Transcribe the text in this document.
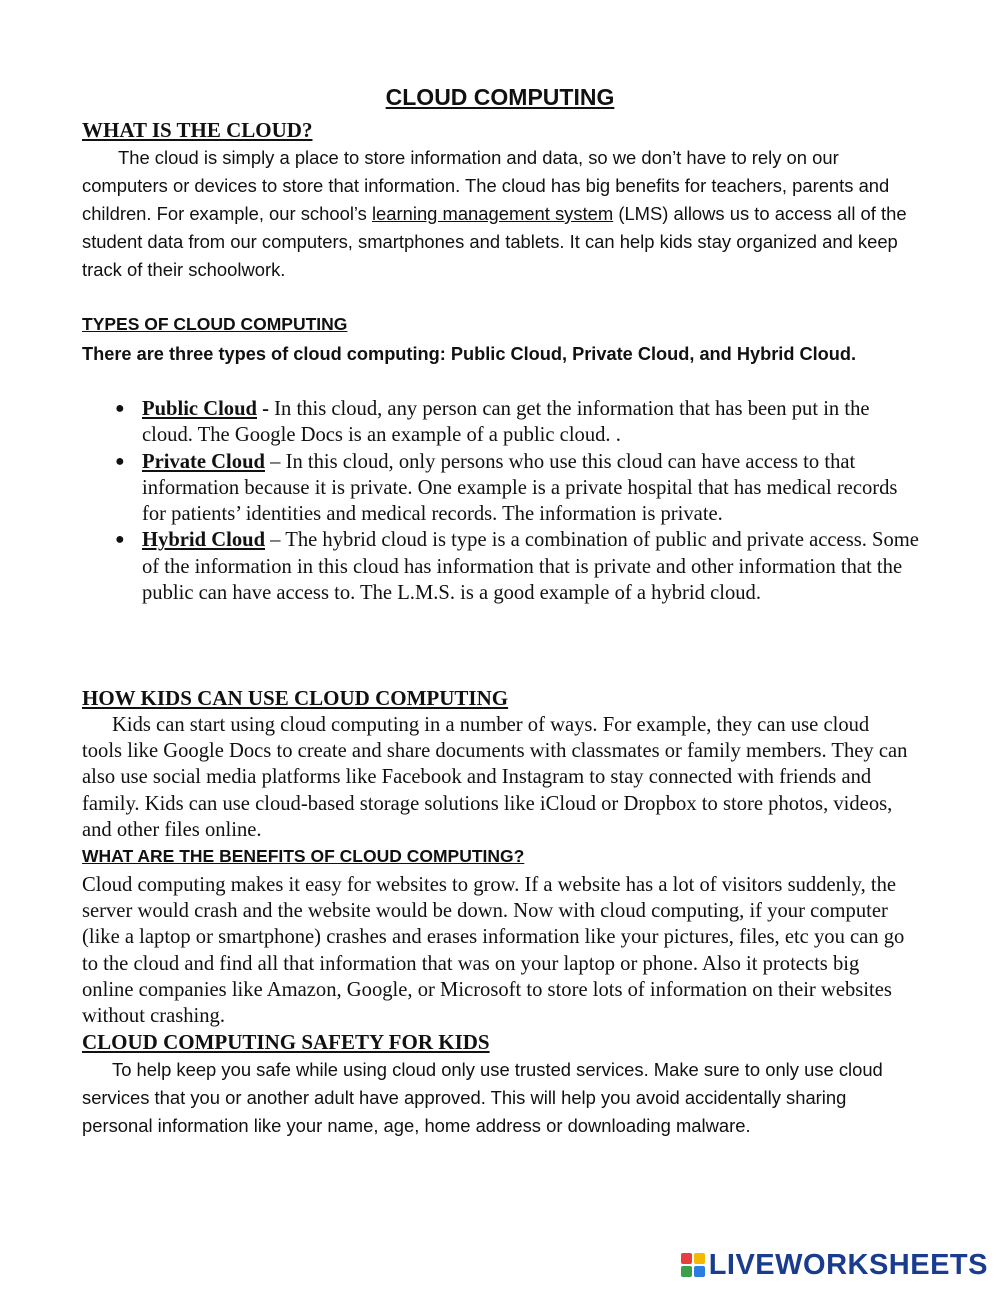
CLOUD COMPUTING
WHAT IS THE CLOUD?

The cloud is simply a place to store information and data, so we don’t have to rely on our computers or devices to store that information. The cloud has big benefits for teachers, parents and children. For example, our school’s learning management system (LMS) allows us to access all of the student data from our computers, smartphones and tablets. It can help kids stay organized and keep track of their schoolwork.

TYPES OF CLOUD COMPUTING

There are three types of cloud computing: Public Cloud, Private Cloud, and Hybrid Cloud.

● Public Cloud - In this cloud, any person can get the information that has been put in the cloud. The Google Docs is an example of a public cloud. .
● Private Cloud – In this cloud, only persons who use this cloud can have access to that information because it is private. One example is a private hospital that has medical records for patients’ identities and medical records. The information is private.
● Hybrid Cloud – The hybrid cloud is type is a combination of public and private access. Some of the information in this cloud has information that is private and other information that the public can have access to. The L.M.S. is a good example of a hybrid cloud.
HOW KIDS CAN USE CLOUD COMPUTING

Kids can start using cloud computing in a number of ways. For example, they can use cloud tools like Google Docs to create and share documents with classmates or family members. They can also use social media platforms like Facebook and Instagram to stay connected with friends and family. Kids can use cloud-based storage solutions like iCloud or Dropbox to store photos, videos, and other files online.

WHAT ARE THE BENEFITS OF CLOUD COMPUTING?

Cloud computing makes it easy for websites to grow. If a website has a lot of visitors suddenly, the server would crash and the website would be down. Now with cloud computing, if your computer (like a laptop or smartphone) crashes and erases information like your pictures, files, etc you can go to the cloud and find all that information that was on your laptop or phone. Also it protects big online companies like Amazon, Google, or Microsoft to store lots of information on their websites without crashing.

CLOUD COMPUTING SAFETY FOR KIDS

To help keep you safe while using cloud only use trusted services. Make sure to only use cloud services that you or another adult have approved. This will help you avoid accidentally sharing personal information like your name, age, home address or downloading malware.

LIVEWORKSHEETS
